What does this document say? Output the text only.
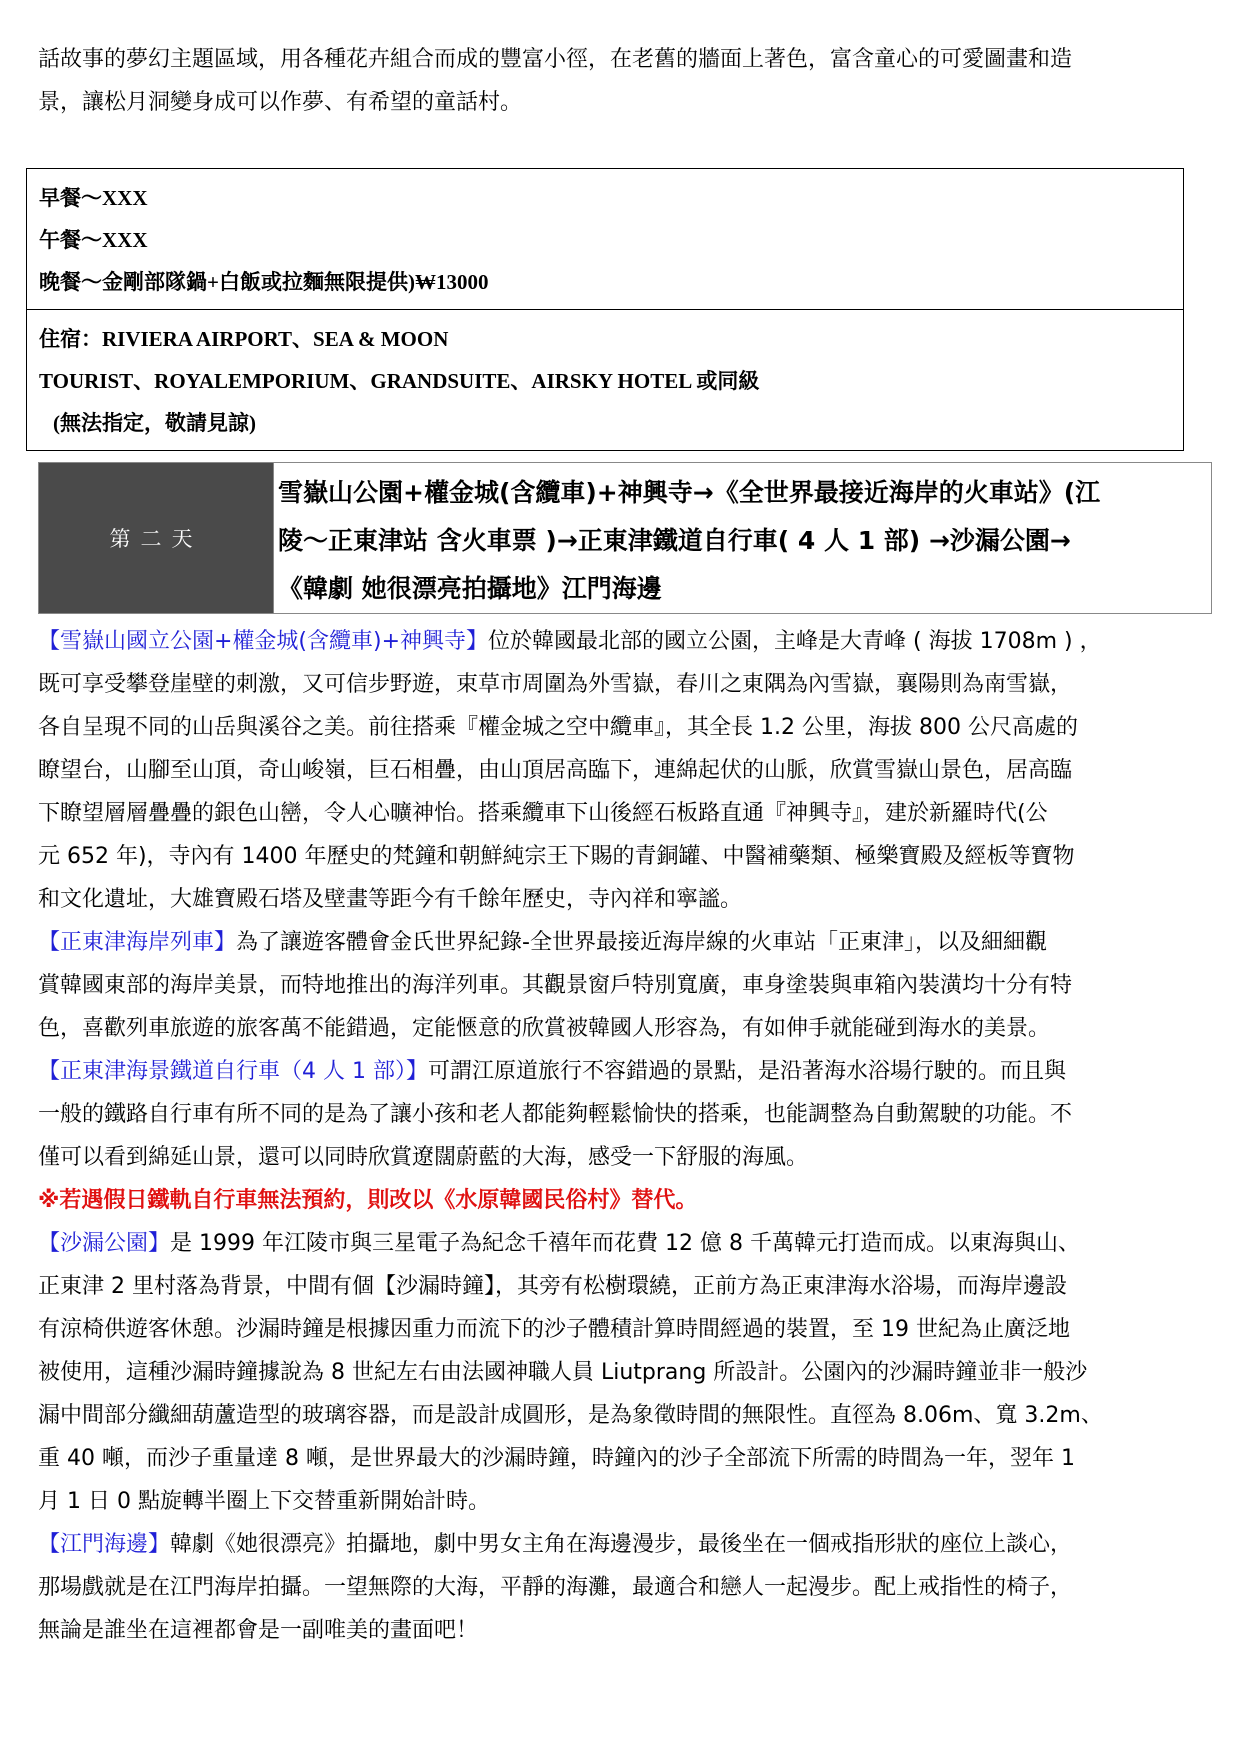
話故事的夢幻主題區域，用各種花卉組合而成的豐富小徑，在老舊的牆面上著色，富含童心的可愛圖畫和造
景，讓松月洞變身成可以作夢、有希望的童話村。
早餐～XXX
午餐～XXX
晚餐～金剛部隊鍋+白飯或拉麵無限提供)₩13000
住宿：RIVIERA AIRPORT、SEA & MOON
TOURIST、ROYALEMPORIUM、GRANDSUITE、AIRSKY HOTEL 或同級
(無法指定，敬請見諒)
第二天
雪嶽山公園+權金城(含纜車)+神興寺→《全世界最接近海岸的火車站》(江
陵～正東津站 含火車票 )→正東津鐵道自行車( 4 人 1 部) →沙漏公園→
《韓劇 她很漂亮拍攝地》江門海邊
【雪嶽山國立公園+權金城(含纜車)+神興寺】位於韓國最北部的國立公園，主峰是大青峰 ( 海拔 1708m ) ，
既可享受攀登崖壁的刺激，又可信步野遊，束草市周圍為外雪嶽，春川之東隅為內雪嶽，襄陽則為南雪嶽，
各自呈現不同的山岳與溪谷之美。前往搭乘『權金城之空中纜車』，其全長 1.2 公里，海拔 800 公尺高處的
瞭望台，山腳至山頂，奇山峻嶺，巨石相疊，由山頂居高臨下，連綿起伏的山脈，欣賞雪嶽山景色，居高臨
下瞭望層層疊疊的銀色山巒，令人心曠神怡。搭乘纜車下山後經石板路直通『神興寺』，建於新羅時代(公
元 652 年)，寺內有 1400 年歷史的梵鐘和朝鮮純宗王下賜的青銅罐、中醫補藥類、極樂寶殿及經板等寶物
和文化遺址，大雄寶殿石塔及壁畫等距今有千餘年歷史，寺內祥和寧謐。
【正東津海岸列車】為了讓遊客體會金氏世界紀錄-全世界最接近海岸線的火車站「正東津」，以及細細觀
賞韓國東部的海岸美景，而特地推出的海洋列車。其觀景窗戶特別寬廣，車身塗裝與車箱內裝潢均十分有特
色，喜歡列車旅遊的旅客萬不能錯過，定能愜意的欣賞被韓國人形容為，有如伸手就能碰到海水的美景。
【正東津海景鐵道自行車（4 人 1 部）】可謂江原道旅行不容錯過的景點，是沿著海水浴場行駛的。而且與
一般的鐵路自行車有所不同的是為了讓小孩和老人都能夠輕鬆愉快的搭乘，也能調整為自動駕駛的功能。不
僅可以看到綿延山景，還可以同時欣賞遼闊蔚藍的大海，感受一下舒服的海風。
※若遇假日鐵軌自行車無法預約，則改以《水原韓國民俗村》替代。
【沙漏公園】是 1999 年江陵市與三星電子為紀念千禧年而花費 12 億 8 千萬韓元打造而成。以東海與山、
正東津 2 里村落為背景，中間有個【沙漏時鐘】，其旁有松樹環繞，正前方為正東津海水浴場，而海岸邊設
有涼椅供遊客休憩。沙漏時鐘是根據因重力而流下的沙子體積計算時間經過的裝置，至 19 世紀為止廣泛地
被使用，這種沙漏時鐘據說為 8 世紀左右由法國神職人員 Liutprang 所設計。公園內的沙漏時鐘並非一般沙
漏中間部分纖細葫蘆造型的玻璃容器，而是設計成圓形，是為象徵時間的無限性。直徑為 8.06m、寬 3.2m、
重 40 噸，而沙子重量達 8 噸，是世界最大的沙漏時鐘，時鐘內的沙子全部流下所需的時間為一年，翌年 1
月 1 日 0 點旋轉半圈上下交替重新開始計時。
【江門海邊】韓劇《她很漂亮》拍攝地，劇中男女主角在海邊漫步，最後坐在一個戒指形狀的座位上談心，
那場戲就是在江門海岸拍攝。一望無際的大海，平靜的海灘，最適合和戀人一起漫步。配上戒指性的椅子，
無論是誰坐在這裡都會是一副唯美的畫面吧！
